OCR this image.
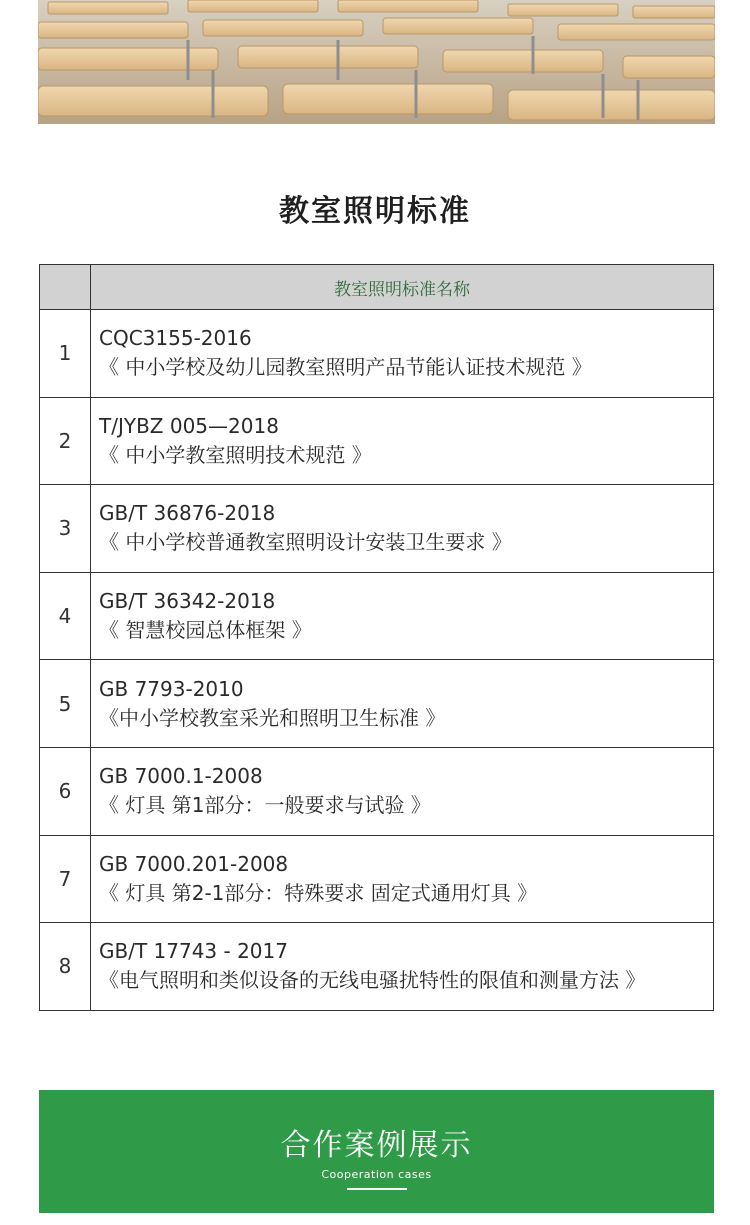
教室照明标准
	教室照明标准名称
1	CQC3155-2016
《 中小学校及幼儿园教室照明产品节能认证技术规范 》

2	T/JYBZ 005—2018
《 中小学教室照明技术规范 》

3	GB/T 36876-2018
《 中小学校普通教室照明设计安装卫生要求 》

4	GB/T 36342-2018
《 智慧校园总体框架 》

5	GB 7793-2010
《中小学校教室采光和照明卫生标准 》

6	GB 7000.1-2008
《 灯具 第1部分：一般要求与试验 》

7	GB 7000.201-2008
《 灯具 第2-1部分：特殊要求 固定式通用灯具 》

8	GB/T 17743 - 2017
《电气照明和类似设备的无线电骚扰特性的限值和测量方法 》
合作案例展示
Cooperation cases
